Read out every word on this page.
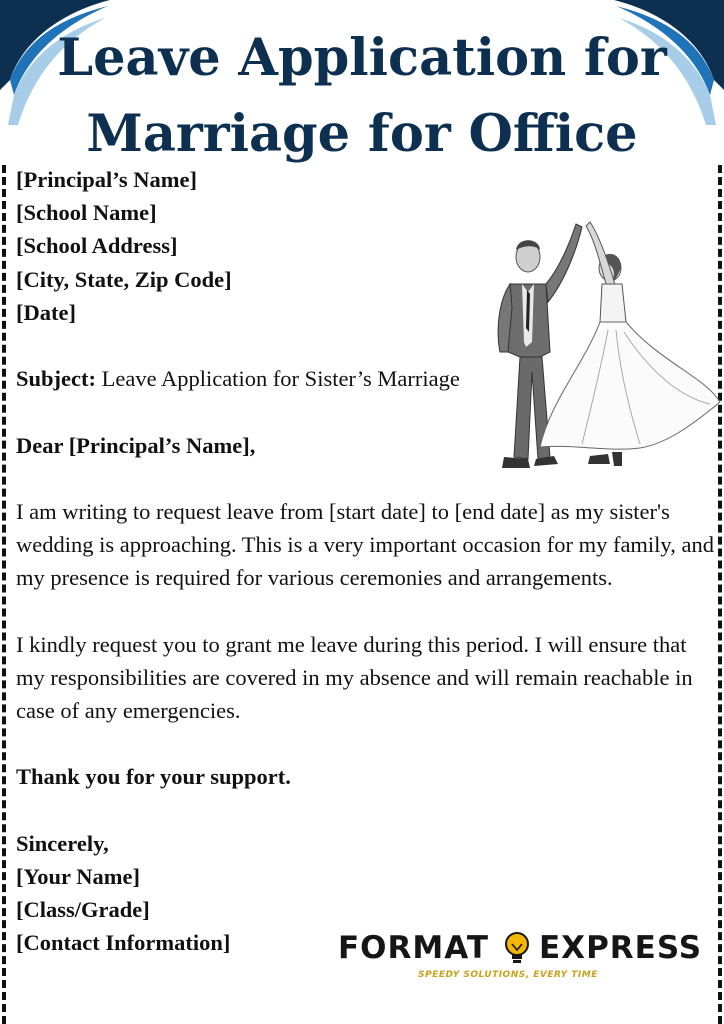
Leave Application for
Marriage for Office
[Principal’s Name]
[School Name]
[School Address]
[City, State, Zip Code]
[Date]

Subject: Leave Application for Sister’s Marriage

Dear [Principal’s Name],

I am writing to request leave from [start date] to [end date] as my sister's wedding is approaching. This is a very important occasion for my family, and my presence is required for various ceremonies and arrangements.

I kindly request you to grant me leave during this period. I will ensure that my responsibilities are covered in my absence and will remain reachable in case of any emergencies.

Thank you for your support.
Sincerely,
[Your Name]
[Class/Grade]
[Contact Information]	FORMAT EXPRESS
SPEEDY SOLUTIONS, EVERY TIME
